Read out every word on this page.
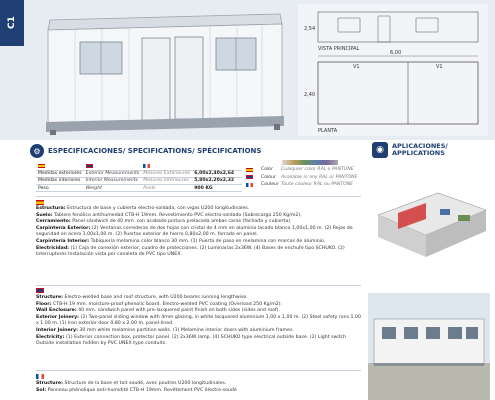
C1	2,54
VISTA PRINCIPAL
6,00
V1	V1
2,40
PLANTA
⚙	ESPECIFICACIONES/ SPECIFICATIONS/ SPÉCIFICATIONS	◉	APLICACIONES/
APPLICATIONS

Medidas exteriores	Exterior Measurements	Mesures Extérieures	6,00x2,40x2,64
Medidas interiores	Interior Measurements	Mesures Intérieures	5,80x2,20x2,32
Peso	Weight	Poids	900 KG
Color	Cualquier color RAL o PANTONE
Colour	Available in any RAL or PANTONE
Couleur Toute couleur RAL ou PANTONE

Estructura: Estructura de base y cubierta electro-soldada, con vigas U200 longitudinales.

Suelo: Tablero fenólico antihumedad CTB-H 19mm. Revestimiento PVC electro-soldado (Sobrecarga 250 Kg/m2).

Cerramiento: Panel sándwich de 40 mm. con acabado pintura prelacada ambas caras (fachada y cubierta).

Carpintería Exterior: (2) Ventanas correderas de dos hojas con cristal de 4 mm en aluminio lacado blanco 1,00x1,00 m. (2) Rejas de seguridad en acero 1,00x1,00 m. (2) Puertas exterior de hierro 0,80x2,00 m. forrada en panel.

Carpintería Interior: Tabiquería melamina color blanco 30 mm. (1) Puerta de paso en melamina con marcos de aluminio.

Electricidad: (1) Caja de conexión exterior, cuadro de protecciones. (2) Luminarias 2x36W. (4) Bases de enchufe tipo SCHUKO. (2) Interruptores Instalación vista por canaleta de PVC tipo UNEX.

Structure: Electro-welded base and roof structure, with U200 beams running lengthwise.

Floor: CTB-H 19 mm. moisture-proof phenolic board. Electro-welded PVC coating (Overload 250 Kg/m2).

Wall Enclosure: 40 mm. sandwich panel with pre-lacquered paint finish on both sides (sides and roof).

Exterior Joinery: (2) Two-panel sliding window with 4mm glazing, in white lacquered aluminium 1,00 x 1,00 m. (2) Steel safety rons 1.00 x 1.00 m. (1) Iron exterior door 0.80 x 2.00 m. panel-lined.

Interior Joinery: 30 mm white melamine partition walls. (1) Melamine interior doors with aluminium frames.

Electricity: (1) Exterior connection box, protector panel. (2) 2x36W lamp. (4) SCHUKO type electrical outside base. (2) Light switch Outside installation hidden by PVC UNEX type conduits.

Structure: Structure de la base et toit soudé, avec poutres U200 longitudinales.

Sol: Panneau phénolique anti-humidité CTB-H 19mm. Revêtement PVC électro-soudé
